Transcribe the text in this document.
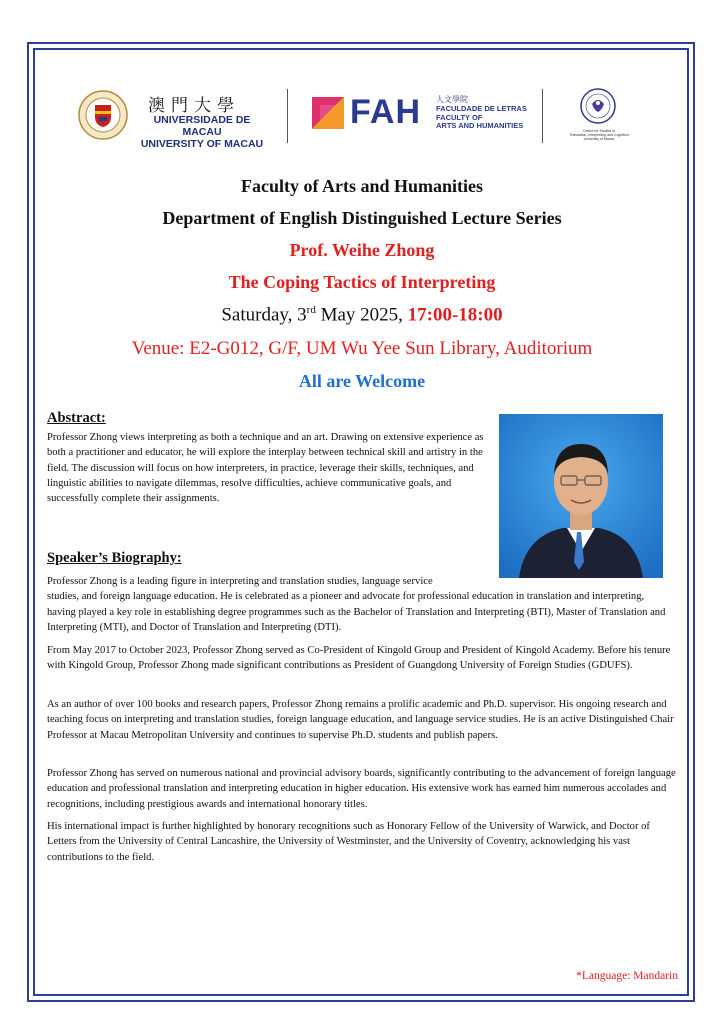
澳門大學
UNIVERSIDADE DE MACAU
UNIVERSITY OF MACAU
FAH 人文學院
FACULDADE DE LETRAS
FACULTY OF
ARTS AND HUMANITIES
Centre for Studies of
Translation, Interpreting and Cognition
University of Macau
Faculty of Arts and Humanities
Department of English Distinguished Lecture Series
Prof. Weihe Zhong
The Coping Tactics of Interpreting
Saturday, 3rd May 2025, 17:00-18:00
Venue: E2-G012, G/F, UM Wu Yee Sun Library, Auditorium
All are Welcome
Abstract:
Professor Zhong views interpreting as both a technique and an art. Drawing on extensive experience as both a practitioner and educator, he will explore the interplay between technical skill and artistry in the field. The discussion will focus on how interpreters, in practice, leverage their skills, techniques, and linguistic abilities to navigate dilemmas, resolve difficulties, achieve communicative goals, and successfully complete their assignments.
Speaker’s Biography:
Professor Zhong is a leading figure in interpreting and translation studies, language service
studies, and foreign language education. He is celebrated as a pioneer and advocate for professional education in translation and interpreting, having played a key role in establishing degree programmes such as the Bachelor of Translation and Interpreting (BTI), Master of Translation and Interpreting (MTI), and Doctor of Translation and Interpreting (DTI).

From May 2017 to October 2023, Professor Zhong served as Co-President of Kingold Group and President of Kingold Academy. Before his tenure with Kingold Group, Professor Zhong made significant contributions as President of Guangdong University of Foreign Studies (GDUFS).

As an author of over 100 books and research papers, Professor Zhong remains a prolific academic and Ph.D. supervisor. His ongoing research and teaching focus on interpreting and translation studies, foreign language education, and language service studies. He is an active Distinguished Chair Professor at Macau Metropolitan University and continues to supervise Ph.D. students and publish papers.

Professor Zhong has served on numerous national and provincial advisory boards, significantly contributing to the advancement of foreign language education and professional translation and interpreting education in higher education. His extensive work has earned him numerous accolades and recognitions, including prestigious awards and international honorary titles.

His international impact is further highlighted by honorary recognitions such as Honorary Fellow of the University of Warwick, and Doctor of Letters from the University of Central Lancashire, the University of Westminster, and the University of Coventry, acknowledging his vast contributions to the field.

*Language: Mandarin
